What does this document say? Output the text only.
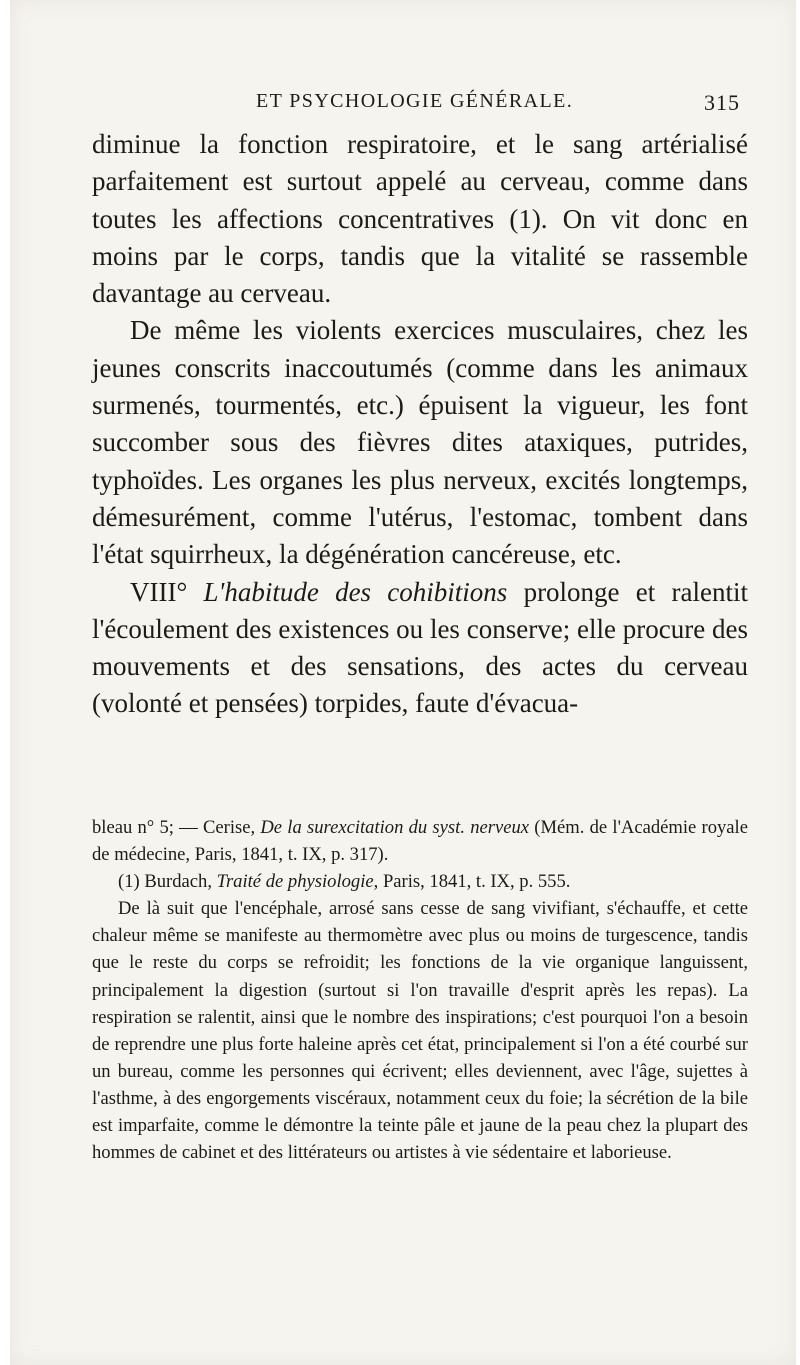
ET PSYCHOLOGIE GÉNÉRALE.	315

diminue la fonction respiratoire, et le sang artérialisé parfaitement est surtout appelé au cerveau, comme dans toutes les affections concentratives (1). On vit donc en moins par le corps, tandis que la vitalité se rassemble davantage au cerveau.

De même les violents exercices musculaires, chez les jeunes conscrits inaccoutumés (comme dans les animaux surmenés, tourmentés, etc.) épuisent la vigueur, les font succomber sous des fièvres dites ataxiques, putrides, typhoïdes. Les organes les plus nerveux, excités longtemps, démesurément, comme l'utérus, l'estomac, tombent dans l'état squirrheux, la dégénération cancéreuse, etc.

VIII° L'habitude des cohibitions prolonge et ralentit l'écoulement des existences ou les conserve; elle procure des mouvements et des sensations, des actes du cerveau (volonté et pensées) torpides, faute d'évacua-

bleau n° 5; — Cerise, De la surexcitation du syst. nerveux (Mém. de l'Académie royale de médecine, Paris, 1841, t. IX, p. 317).

(1) Burdach, Traité de physiologie, Paris, 1841, t. IX, p. 555.

De là suit que l'encéphale, arrosé sans cesse de sang vivifiant, s'échauffe, et cette chaleur même se manifeste au thermomètre avec plus ou moins de turgescence, tandis que le reste du corps se refroidit; les fonctions de la vie organique languissent, principalement la digestion (surtout si l'on travaille d'esprit après les repas). La respiration se ralentit, ainsi que le nombre des inspirations; c'est pourquoi l'on a besoin de reprendre une plus forte haleine après cet état, principalement si l'on a été courbé sur un bureau, comme les personnes qui écrivent; elles deviennent, avec l'âge, sujettes à l'asthme, à des engorgements viscéraux, notamment ceux du foie; la sécrétion de la bile est imparfaite, comme le démontre la teinte pâle et jaune de la peau chez la plupart des hommes de cabinet et des littérateurs ou artistes à vie sédentaire et laborieuse.
